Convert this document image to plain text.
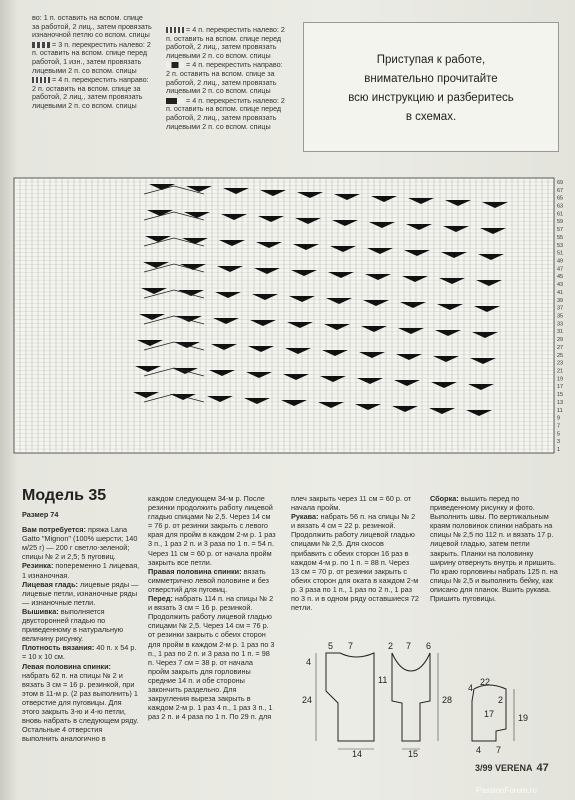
во: 1 п. оставить на вспом. спице за работой, 2 лиц., затем провязать изнаночной петлю со вспом. спицы

= 3 п. перекрестить налево: 2 п. оставить на вспом. спице перед работой, 1 изн., затем провязать лицевыми 2 п. со вспом. спицы

= 4 п. перекрестить направо: 2 п. оставить на вспом. спице за работой, 2 лиц., затем провязать лицевыми 2 п. со вспом. спицы

= 4 п. перекрестить налево: 2 п. оставить на вспом. спице перед работой, 2 лиц., затем провязать лицевыми 2 п. со вспом. спицы

= 4 п. перекрестить направо: 2 п. оставить на вспом. спице за работой, 2 лиц., затем провязать лицевыми 2 п. со вспом. спицы

= 4 п. перекрестить налево: 2 п. оставить на вспом. спице перед работой, 2 лиц., затем провязать лицевыми 2 п. со вспом. спицы

Приступая к работе,
внимательно прочитайте
всю инструкцию и разберитесь
в схемах.
69
67
65
63
61
59
57
55
53
51
49
47
45
43
41
39
37
35
33
31
29
27
25
23
21
19
17
15
13
11
9
7
5
3
1
Модель 35

Размер 74

Вам потребуется: пряжа Lana Gatto "Mignon" (100% шерсти; 140 м/25 г) — 200 г светло-зеленой; спицы № 2 и 2,5; 5 пуговиц.

Резинка: попеременно 1 лицевая, 1 изнаночная.

Лицевая гладь: лицевые ряды — лицевые петли, изнаночные ряды — изнаночные петли.

Вышивка: выполняется двусторонней гладью по приведенному в натуральную величину рисунку.

Плотность вязания: 40 п. x 54 р. = 10 x 10 см.

Левая половина спинки: набрать 62 п. на спицы № 2 и вязать 3 см = 16 р. резинкой, при этом в 11-м р. (2 раз выполнить) 1 отверстие для пуговицы. Для этого закрыть 3-ю и 4-ю петли, вновь набрать в следующем ряду. Остальные 4 отверстия выполнить аналогично в

каждом следующем 34-м р. После резинки продолжить работу лицевой гладью спицами № 2,5. Через 14 см = 76 р. от резинки закрыть с левого края для пройм в каждом 2-м р. 1 раз 3 п., 1 раз 2 п. и 3 раза по 1 п. = 54 п. Через 11 см = 60 р. от начала пройм закрыть все петли.

Правая половина спинки: вязать симметрично левой половине и без отверстий для пуговиц.

Перед: набрать 114 п. на спицы № 2 и вязать 3 см = 16 р. резинкой. Продолжить работу лицевой гладью спицами № 2,5. Через 14 см = 76 р. от резинки закрыть с обеих сторон для пройм в каждом 2-м р. 1 раз по 3 п., 1 раз по 2 п. и 3 раза по 1 п. = 98 п. Через 7 см = 38 р. от начала пройм закрыть для горловины средние 14 п. и обе стороны закончить раздельно. Для закругления выреза закрыть в каждом 2-м р. 1 раз 4 п., 1 раз 3 п., 1 раз 2 п. и 4 раза по 1 п. По 29 п. для

плеч закрыть через 11 см = 60 р. от начала пройм.

Рукава: набрать 56 п. на спицы № 2 и вязать 4 см = 22 р. резинкой. Продолжить работу лицевой гладью спицами № 2,5. Для скосов прибавить с обеих сторон 16 раз в каждом 4-м р. по 1 п. = 88 п. Через 13 см = 70 р. от резинки закрыть с обеих сторон для оката в каждом 2-м р. 3 раза по 1 п., 1 раз по 2 п., 1 раз по 3 п. и в одном ряду оставшиеся 72 петли.

Сборка: вышить перед по приведенному рисунку и фото. Выполнить швы. По вертикальным краям половинок спинки набрать на спицы № 2,5 по 112 п. и вязать 17 р. лицевой гладью, затем петли закрыть. Планки на половинку ширину отвернуть внутрь и пришить. По краю горловины набрать 125 п. на спицы № 2,5 и выполнить бейку, как описано для планок. Вшить рукава. Пришить пуговицы.

5 7
4
24
14
11
2 7 6
28
15
4
2
17	19
4 7
22
3/99 VERENA 47
PassionForum.ru
